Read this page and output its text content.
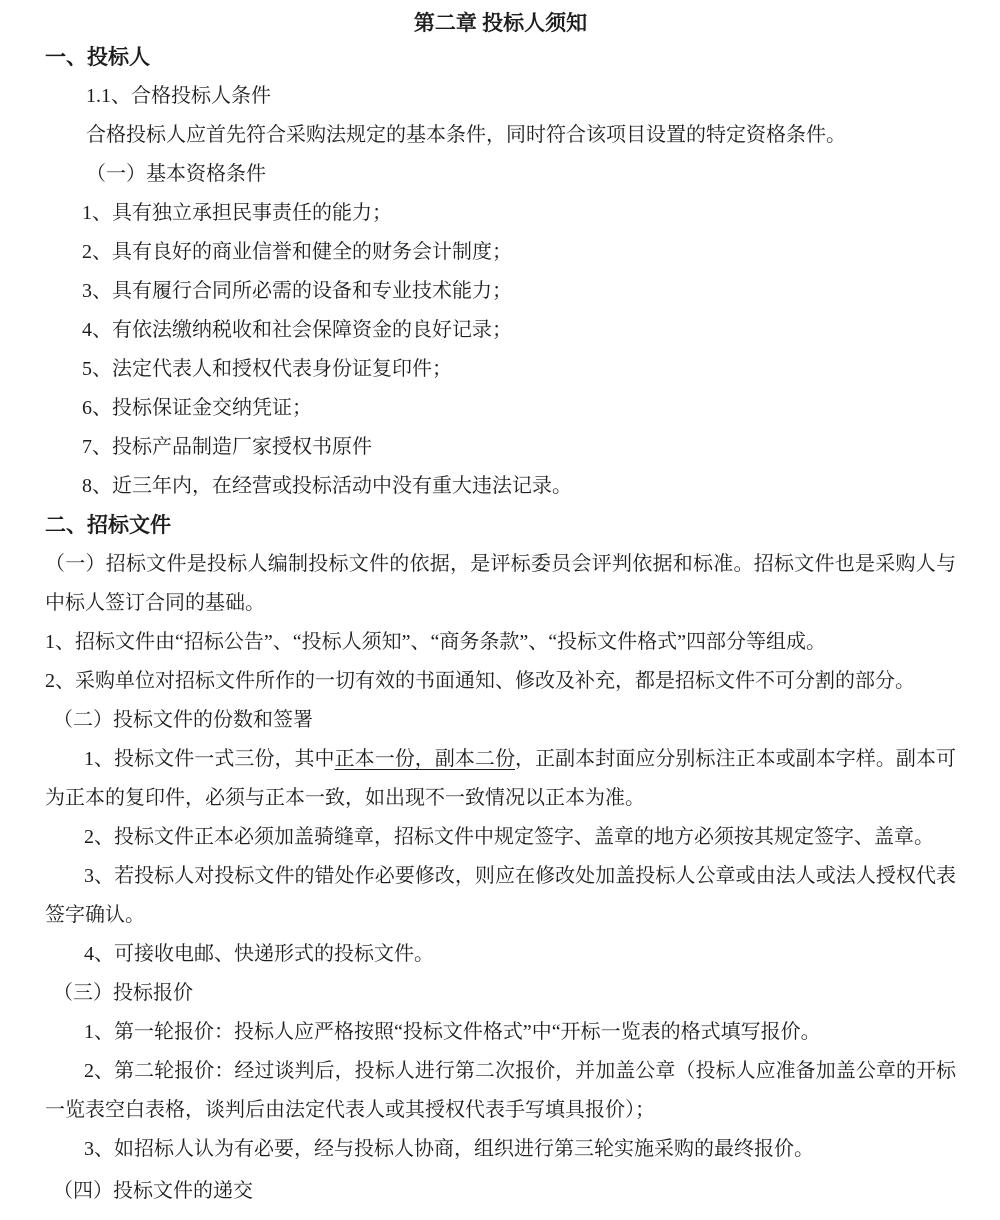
第二章 投标人须知

一、投标人

1.1、合格投标人条件

合格投标人应首先符合采购法规定的基本条件，同时符合该项目设置的特定资格条件。

（一）基本资格条件

1、具有独立承担民事责任的能力；

2、具有良好的商业信誉和健全的财务会计制度；

3、具有履行合同所必需的设备和专业技术能力；

4、有依法缴纳税收和社会保障资金的良好记录；

5、法定代表人和授权代表身份证复印件；

6、投标保证金交纳凭证；

7、投标产品制造厂家授权书原件

8、近三年内，在经营或投标活动中没有重大违法记录。

二、招标文件

（一）招标文件是投标人编制投标文件的依据，是评标委员会评判依据和标准。招标文件也是采购人与中标人签订合同的基础。

1、招标文件由“招标公告”、“投标人须知”、“商务条款”、“投标文件格式”四部分等组成。

2、采购单位对招标文件所作的一切有效的书面通知、修改及补充，都是招标文件不可分割的部分。

（二）投标文件的份数和签署

1、投标文件一式三份，其中正本一份，副本二份，正副本封面应分别标注正本或副本字样。副本可为正本的复印件，必须与正本一致，如出现不一致情况以正本为准。

2、投标文件正本必须加盖骑缝章，招标文件中规定签字、盖章的地方必须按其规定签字、盖章。

3、若投标人对投标文件的错处作必要修改，则应在修改处加盖投标人公章或由法人或法人授权代表签字确认。

4、可接收电邮、快递形式的投标文件。

（三）投标报价

1、第一轮报价：投标人应严格按照“投标文件格式”中“开标一览表的格式填写报价。

2、第二轮报价：经过谈判后，投标人进行第二次报价，并加盖公章（投标人应准备加盖公章的开标一览表空白表格，谈判后由法定代表人或其授权代表手写填具报价）；

3、如招标人认为有必要，经与投标人协商，组织进行第三轮实施采购的最终报价。

（四）投标文件的递交
